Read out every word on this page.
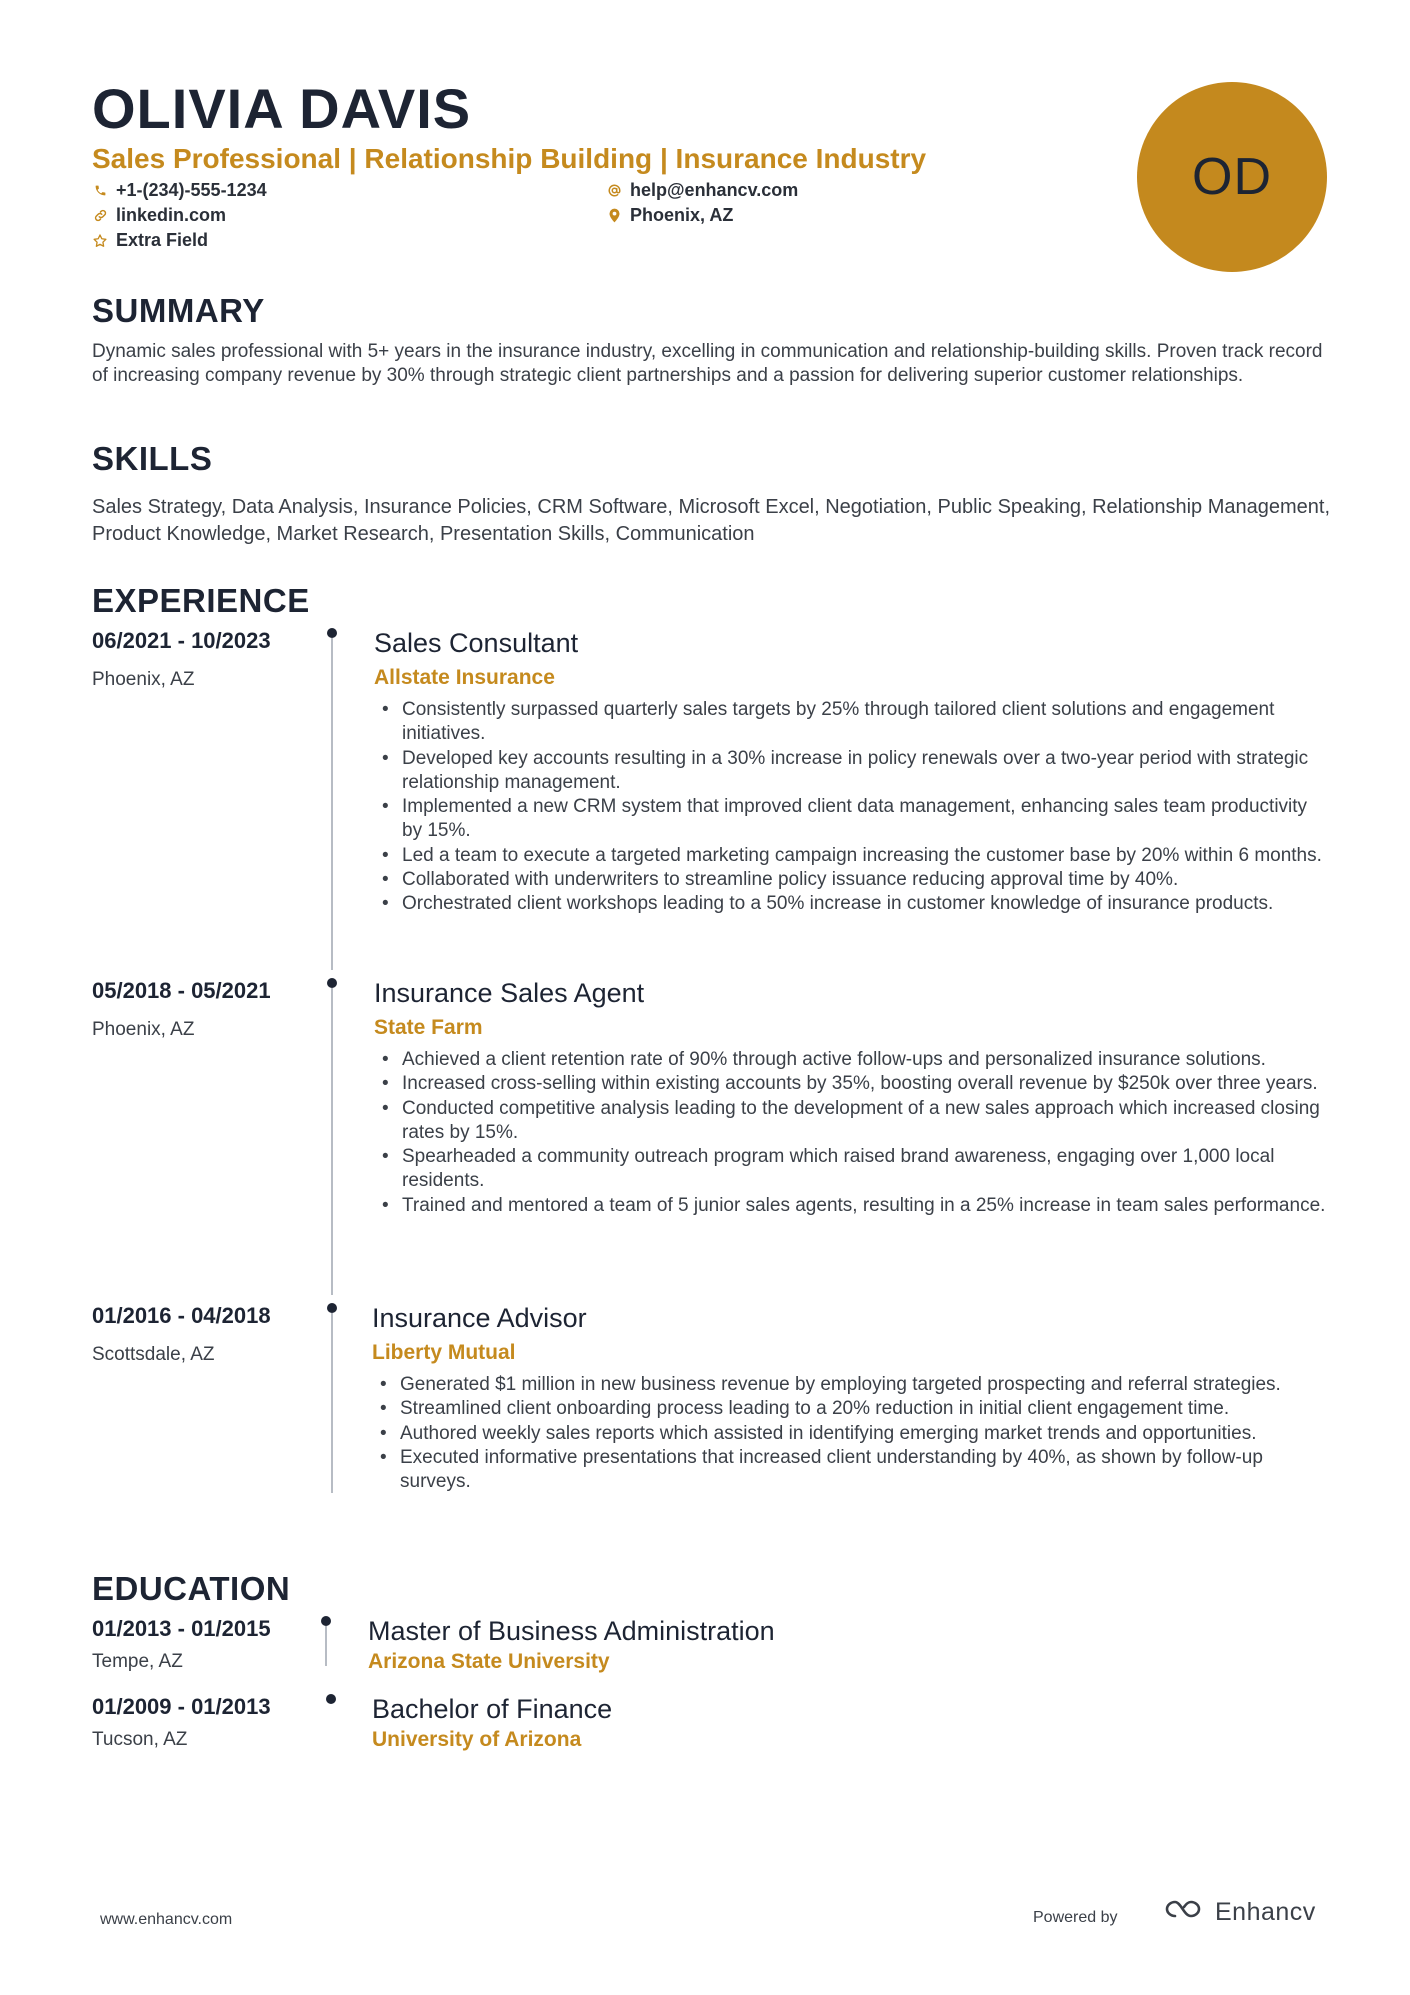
OLIVIA DAVIS
Sales Professional | Relationship Building | Insurance Industry
+1-(234)-555-1234
linkedin.com
Extra Field
help@enhancv.com
Phoenix, AZ
OD
SUMMARY

Dynamic sales professional with 5+ years in the insurance industry, excelling in communication and relationship-building skills. Proven track record of increasing company revenue by 30% through strategic client partnerships and a passion for delivering superior customer relationships.

SKILLS

Sales Strategy, Data Analysis, Insurance Policies, CRM Software, Microsoft Excel, Negotiation, Public Speaking, Relationship Management, Product Knowledge, Market Research, Presentation Skills, Communication

EXPERIENCE
06/2021 - 10/2023
Phoenix, AZ
Sales Consultant
Allstate Insurance
• Consistently surpassed quarterly sales targets by 25% through tailored client solutions and engagement initiatives.
• Developed key accounts resulting in a 30% increase in policy renewals over a two-year period with strategic relationship management.
• Implemented a new CRM system that improved client data management, enhancing sales team productivity by 15%.
• Led a team to execute a targeted marketing campaign increasing the customer base by 20% within 6 months.
• Collaborated with underwriters to streamline policy issuance reducing approval time by 40%.
• Orchestrated client workshops leading to a 50% increase in customer knowledge of insurance products.
05/2018 - 05/2021
Phoenix, AZ
Insurance Sales Agent
State Farm
• Achieved a client retention rate of 90% through active follow-ups and personalized insurance solutions.
• Increased cross-selling within existing accounts by 35%, boosting overall revenue by $250k over three years.
• Conducted competitive analysis leading to the development of a new sales approach which increased closing rates by 15%.
• Spearheaded a community outreach program which raised brand awareness, engaging over 1,000 local residents.
• Trained and mentored a team of 5 junior sales agents, resulting in a 25% increase in team sales performance.
01/2016 - 04/2018
Scottsdale, AZ
Insurance Advisor
Liberty Mutual
• Generated $1 million in new business revenue by employing targeted prospecting and referral strategies.
• Streamlined client onboarding process leading to a 20% reduction in initial client engagement time.
• Authored weekly sales reports which assisted in identifying emerging market trends and opportunities.
• Executed informative presentations that increased client understanding by 40%, as shown by follow-up surveys.
EDUCATION
01/2013 - 01/2015
Tempe, AZ
Master of Business Administration
Arizona State University
01/2009 - 01/2013
Tucson, AZ
Bachelor of Finance
University of Arizona
www.enhancv.com	Powered by	Enhancv
